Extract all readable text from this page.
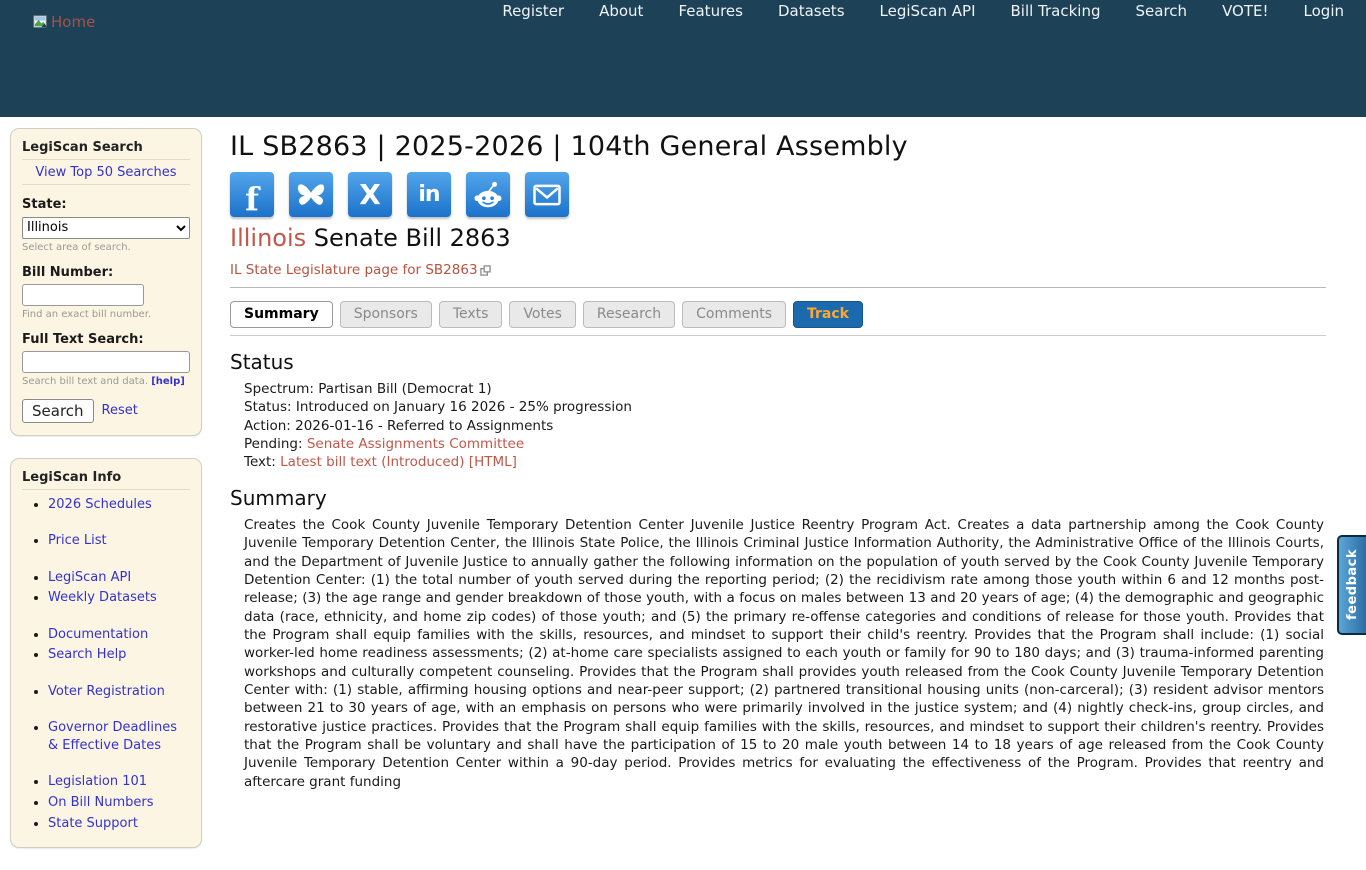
Home
Register About Features Datasets LegiScan API Bill Tracking Search VOTE! Login
LegiScan Search
View Top 50 Searches
State:
Illinois
Select area of search.
Bill Number:
Find an exact bill number.
Full Text Search:
Search bill text and data. [help]
Search	Reset
LegiScan Info
• 2026 Schedules
• Price List
• LegiScan API
• Weekly Datasets
• Documentation
• Search Help
• Voter Registration
• Governor Deadlines & Effective Dates
• Legislation 101
• On Bill Numbers
• State Support
IL SB2863 | 2025-2026 | 104th General Assembly
f	X in
Illinois Senate Bill 2863
IL State Legislature page for SB2863
Summary	Sponsors	Texts	Votes	Research	Comments	Track
Status
Spectrum: Partisan Bill (Democrat 1)
Status: Introduced on January 16 2026 - 25% progression
Action: 2026-01-16 - Referred to Assignments
Pending: Senate Assignments Committee
Text: Latest bill text (Introduced) [HTML]
Summary

Creates the Cook County Juvenile Temporary Detention Center Juvenile Justice Reentry Program Act. Creates a data partnership among the Cook County Juvenile Temporary Detention Center, the Illinois State Police, the Illinois Criminal Justice Information Authority, the Administrative Office of the Illinois Courts, and the Department of Juvenile Justice to annually gather the following information on the population of youth served by the Cook County Juvenile Temporary Detention Center: (1) the total number of youth served during the reporting period; (2) the recidivism rate among those youth within 6 and 12 months post-release; (3) the age range and gender breakdown of those youth, with a focus on males between 13 and 20 years of age; (4) the demographic and geographic data (race, ethnicity, and home zip codes) of those youth; and (5) the primary re-offense categories and conditions of release for those youth. Provides that the Program shall equip families with the skills, resources, and mindset to support their child's reentry. Provides that the Program shall include: (1) social worker-led home readiness assessments; (2) at-home care specialists assigned to each youth or family for 90 to 180 days; and (3) trauma-informed parenting workshops and culturally competent counseling. Provides that the Program shall provides youth released from the Cook County Juvenile Temporary Detention Center with: (1) stable, affirming housing options and near-peer support; (2) partnered transitional housing units (non-carceral); (3) resident advisor mentors between 21 to 30 years of age, with an emphasis on persons who were primarily involved in the justice system; and (4) nightly check-ins, group circles, and restorative justice practices. Provides that the Program shall equip families with the skills, resources, and mindset to support their children's reentry. Provides that the Program shall be voluntary and shall have the participation of 15 to 20 male youth between 14 to 18 years of age released from the Cook County Juvenile Temporary Detention Center within a 90-day period. Provides metrics for evaluating the effectiveness of the Program. Provides that reentry and aftercare grant funding

feedback
